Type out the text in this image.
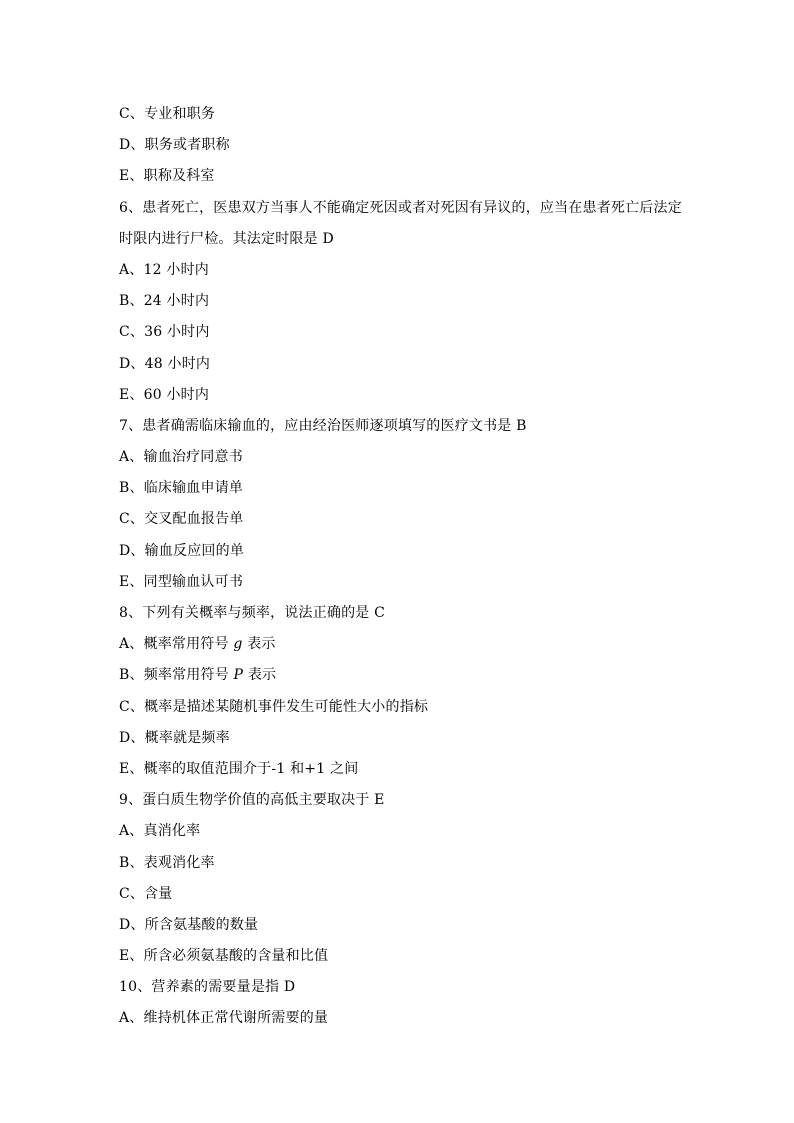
C、专业和职务
D、职务或者职称
E、职称及科室
6、患者死亡，医患双方当事人不能确定死因或者对死因有异议的，应当在患者死亡后法定
时限内进行尸检。其法定时限是 D
A、12 小时内
B、24 小时内
C、36 小时内
D、48 小时内
E、60 小时内
7、患者确需临床输血的，应由经治医师逐项填写的医疗文书是 B
A、输血治疗同意书
B、临床输血申请单
C、交叉配血报告单
D、输血反应回的单
E、同型输血认可书
8、下列有关概率与频率，说法正确的是 C
A、概率常用符号 g 表示
B、频率常用符号 P 表示
C、概率是描述某随机事件发生可能性大小的指标
D、概率就是频率
E、概率的取值范围介于-1 和+1 之间
9、蛋白质生物学价值的高低主要取决于 E
A、真消化率
B、表观消化率
C、含量
D、所含氨基酸的数量
E、所含必须氨基酸的含量和比值
10、营养素的需要量是指 D
A、维持机体正常代谢所需要的量
